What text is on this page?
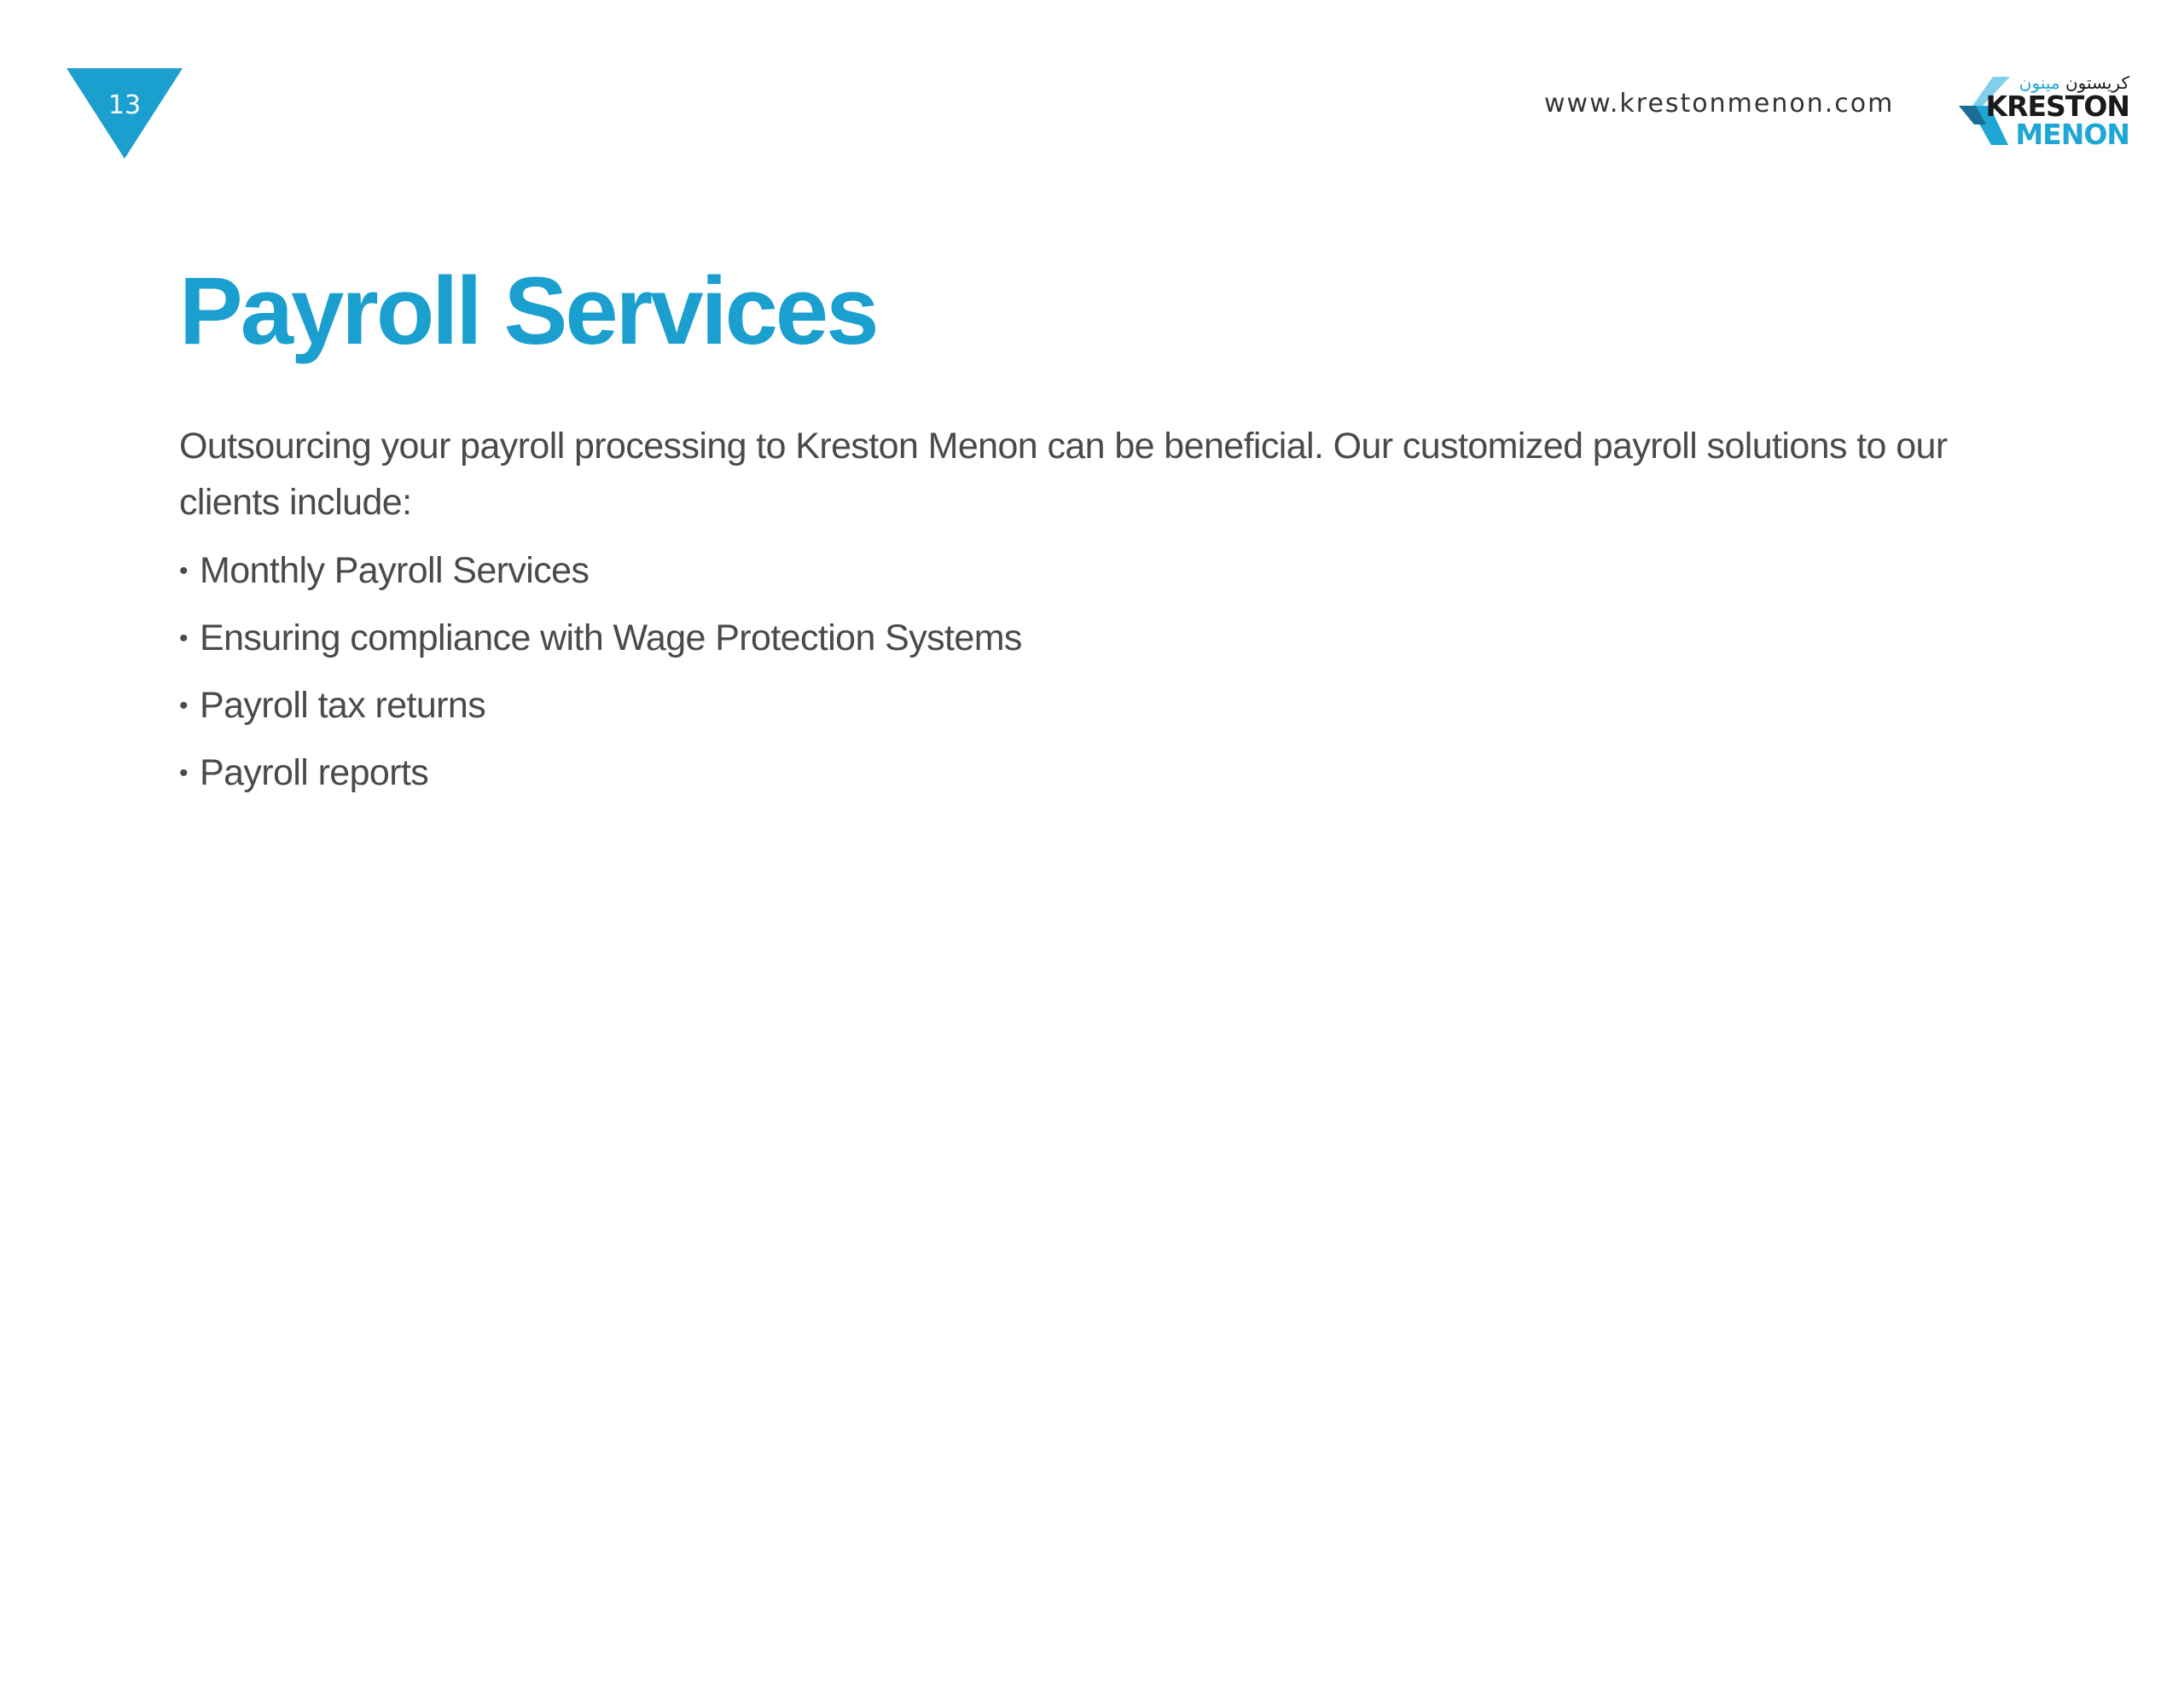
13	www.krestonmenon.com
كريستون مينون
KRESTON
MENON
Payroll Services

Outsourcing your payroll processing to Kreston Menon can be beneficial. Our customized payroll solutions to our clients include:

• Monthly Payroll Services
• Ensuring compliance with Wage Protection Systems
• Payroll tax returns
• Payroll reports
